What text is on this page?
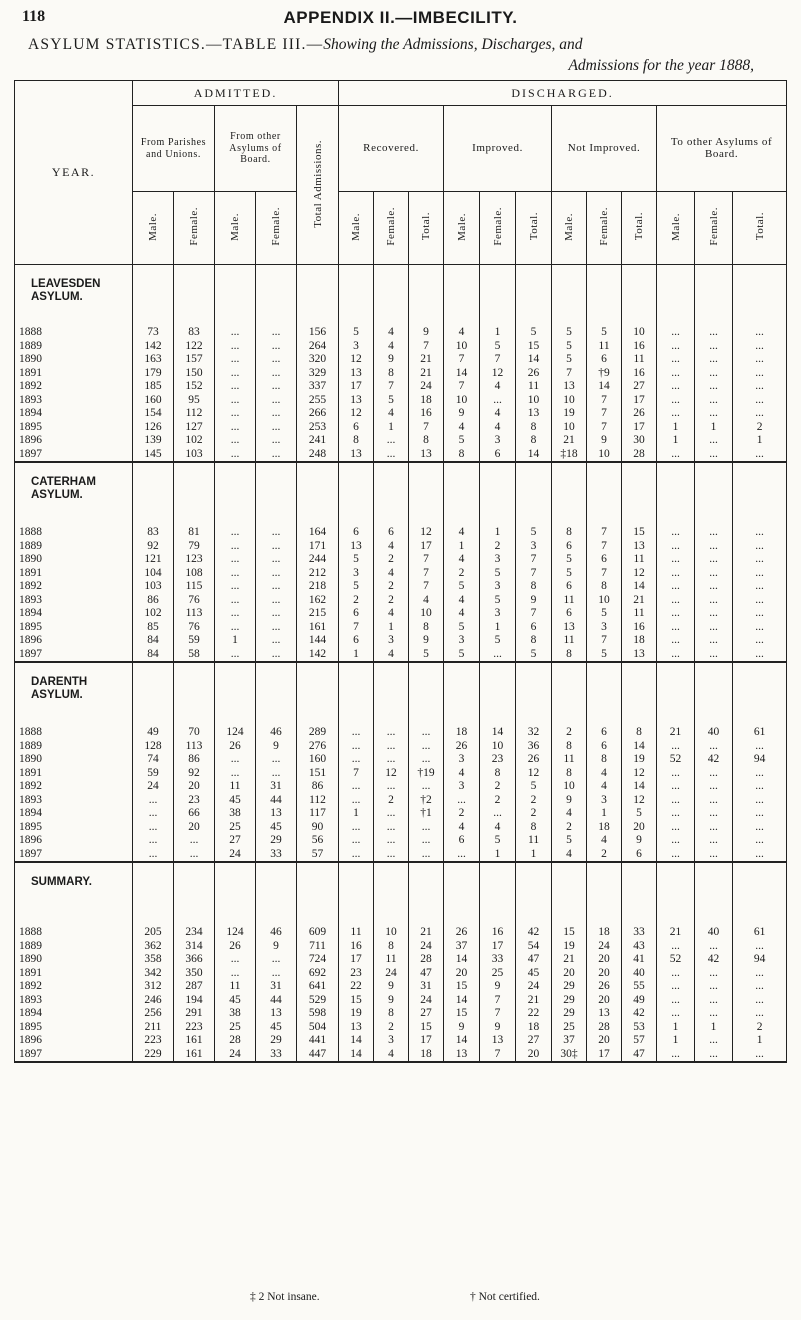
118	APPENDIX II.—IMBECILITY.
ASYLUM STATISTICS.—TABLE III.—Showing the Admissions, Discharges, and
Admissions for the year 1888,
YEAR.	ADMITTED.					DISCHARGED.											
	From Parishes and Unions.		From other Asylums of Board.		Total Admissions.	Recovered.			Improved.			Not Improved.			To other Asylums of Board.		
	Male.	Female.	Male.	Female.		Male.	Female.	Total.	Male.	Female.	Total.	Male.	Female.	Total.	Male.	Female.	Total.
LEAVESDEN ASYLUM.																	
1888	73	83	...	...	156	5	4	9	4	1	5	5	5	10	...	...	...
1889	142	122	...	...	264	3	4	7	10	5	15	5	11	16	...	...	...
1890	163	157	...	...	320	12	9	21	7	7	14	5	6	11	...	...	...
1891	179	150	...	...	329	13	8	21	14	12	26	7	†9	16	...	...	...
1892	185	152	...	...	337	17	7	24	7	4	11	13	14	27	...	...	...
1893	160	95	...	...	255	13	5	18	10	...	10	10	7	17	...	...	...
1894	154	112	...	...	266	12	4	16	9	4	13	19	7	26	...	...	...
1895	126	127	...	...	253	6	1	7	4	4	8	10	7	17	1	1	2
1896	139	102	...	...	241	8	...	8	5	3	8	21	9	30	1	...	1
1897	145	103	...	...	248	13	...	13	8	6	14	‡18	10	28	...	...	...
CATERHAM ASYLUM.																	
1888	83	81	...	...	164	6	6	12	4	1	5	8	7	15	...	...	...
1889	92	79	...	...	171	13	4	17	1	2	3	6	7	13	...	...	...
1890	121	123	...	...	244	5	2	7	4	3	7	5	6	11	...	...	...
1891	104	108	...	...	212	3	4	7	2	5	7	5	7	12	...	...	...
1892	103	115	...	...	218	5	2	7	5	3	8	6	8	14	...	...	...
1893	86	76	...	...	162	2	2	4	4	5	9	11	10	21	...	...	...
1894	102	113	...	...	215	6	4	10	4	3	7	6	5	11	...	...	...
1895	85	76	...	...	161	7	1	8	5	1	6	13	3	16	...	...	...
1896	84	59	1	...	144	6	3	9	3	5	8	11	7	18	...	...	...
1897	84	58	...	...	142	1	4	5	5	...	5	8	5	13	...	...	...
DARENTH ASYLUM.																	
1888	49	70	124	46	289	...	...	...	18	14	32	2	6	8	21	40	61
1889	128	113	26	9	276	...	...	...	26	10	36	8	6	14	...	...	...
1890	74	86	...	...	160	...	...	...	3	23	26	11	8	19	52	42	94
1891	59	92	...	...	151	7	12	†19	4	8	12	8	4	12	...	...	...
1892	24	20	11	31	86	...	...	...	3	2	5	10	4	14	...	...	...
1893	...	23	45	44	112	...	2	†2	...	2	2	9	3	12	...	...	...
1894	...	66	38	13	117	1	...	†1	2	...	2	4	1	5	...	...	...
1895	...	20	25	45	90	...	...	...	4	4	8	2	18	20	...	...	...
1896	...	...	27	29	56	...	...	...	6	5	11	5	4	9	...	...	...
1897	...	...	24	33	57	...	...	...	...	1	1	4	2	6	...	...	...
SUMMARY.																	
1888	205	234	124	46	609	11	10	21	26	16	42	15	18	33	21	40	61
1889	362	314	26	9	711	16	8	24	37	17	54	19	24	43	...	...	...
1890	358	366	...	...	724	17	11	28	14	33	47	21	20	41	52	42	94
1891	342	350	...	...	692	23	24	47	20	25	45	20	20	40	...	...	...
1892	312	287	11	31	641	22	9	31	15	9	24	29	26	55	...	...	...
1893	246	194	45	44	529	15	9	24	14	7	21	29	20	49	...	...	...
1894	256	291	38	13	598	19	8	27	15	7	22	29	13	42	...	...	...
1895	211	223	25	45	504	13	2	15	9	9	18	25	28	53	1	1	2
1896	223	161	28	29	441	14	3	17	14	13	27	37	20	57	1	...	1
1897	229	161	24	33	447	14	4	18	13	7	20	30‡	17	47	...	...	...
‡ 2 Not insane.	† Not certified.
